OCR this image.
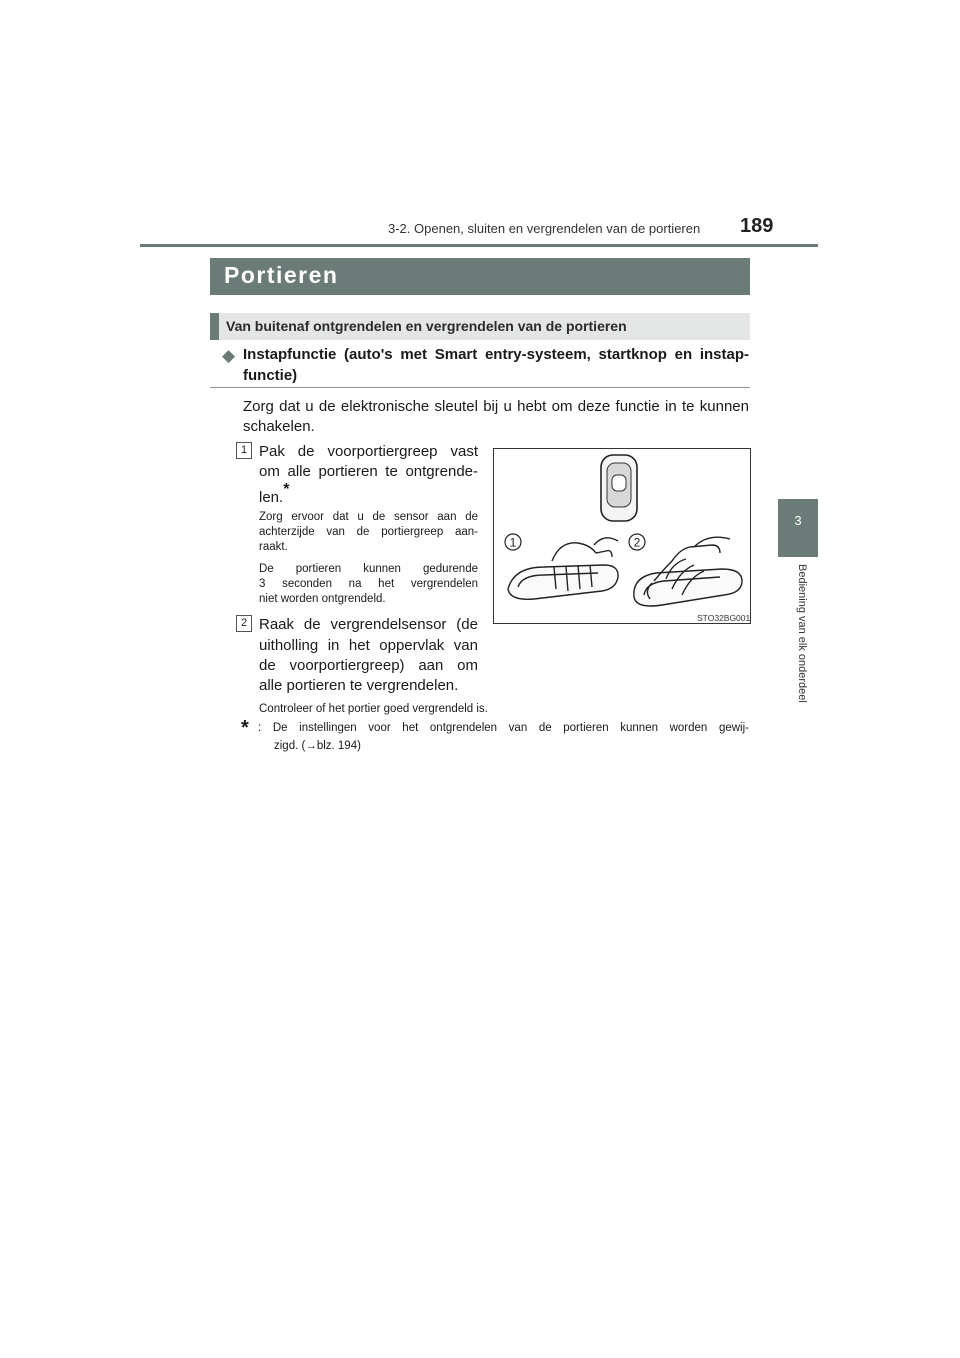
3-2. Openen, sluiten en vergrendelen van de portieren 189
3
Bediening van elk onderdeel
Portieren
Van buitenaf ontgrendelen en vergrendelen van de portieren
◆ Instapfunctie (auto's met Smart entry-systeem, startknop en instap-
functie)
Zorg dat u de elektronische sleutel bij u hebt om deze functie in te kunnen
schakelen.
1 Pak de voorportiergreep vast
om alle portieren te ontgrende-
len.*
Zorg ervoor dat u de sensor aan de
achterzijde van de portiergreep aan-
raakt.
De portieren kunnen gedurende
3 seconden na het vergrendelen
niet worden ontgrendeld.
2 Raak de vergrendelsensor (de
uitholling in het oppervlak van
de voorportiergreep) aan om
alle portieren te vergrendelen.
1	2
STO32BG001
Controleer of het portier goed vergrendeld is.
* : De instellingen voor het ontgrendelen van de portieren kunnen worden gewij-
zigd. (→blz. 194)
